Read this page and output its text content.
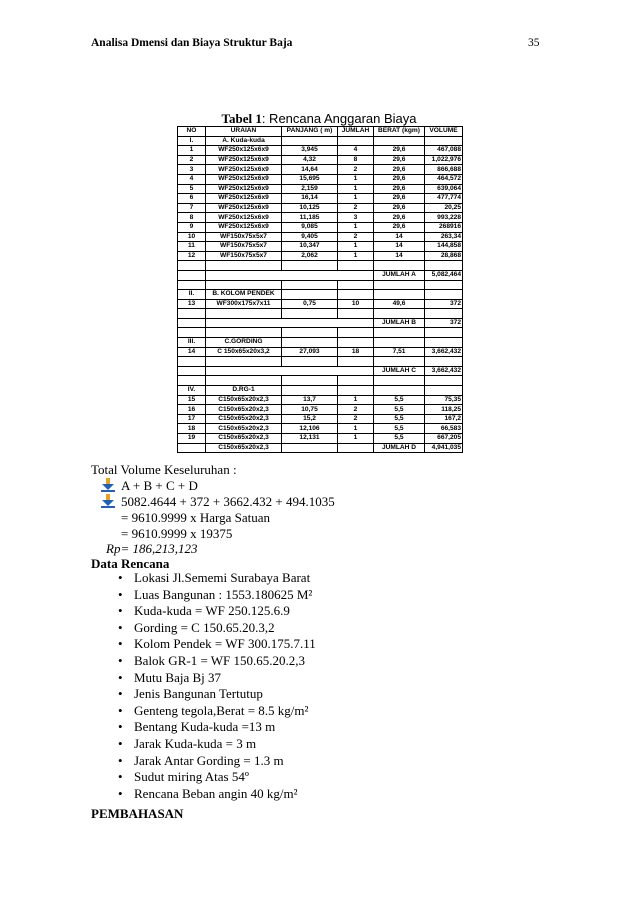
Analisa Dmensi dan Biaya Struktur Baja	35
Tabel 1: Rencana Anggaran Biaya
NO	URAIAN	PANJANG ( m)	JUMLAH	BERAT (kgm)	VOLUME
I.	A. Kuda-kuda				
1	WF250x125x6x9	3,945	4	29,6	467,088
2	WF250x125x6x9	4,32	8	29,6	1,022,976
3	WF250x125x6x9	14,64	2	29,6	866,688
4	WF250x125x6x9	15,695	1	29,6	464,572
5	WF250x125x6x9	2,159	1	29,6	639,064
6	WF250x125x6x9	16,14	1	29,6	477,774
7	WF250x125x6x9	10,125	2	29,6	20,25
8	WF250x125x6x9	11,185	3	29,6	993,228
9	WF250x125x6x9	9,085	1	29,6	268916
10	WF150x75x5x7	9,405	2	14	263,34
11	WF150x75x5x7	10,347	1	14	144,858
12	WF150x75x5x7	2,062	1	14	28,868

				JUMLAH A	5,082,464

II.	B. KOLOM PENDEK				
13	WF300x175x7x11	0,75	10	49,6	372

				JUMLAH B	372

III.	C.GORDING				
14	C 150x65x20x3,2	27,093	18	7,51	3,662,432

				JUMLAH C	3,662,432

IV.	D.RG-1				
15	C150x65x20x2,3	13,7	1	5,5	75,35
16	C150x65x20x2,3	10,75	2	5,5	118,25
17	C150x65x20x2,3	15,2	2	5,5	167,2
18	C150x65x20x2,3	12,106	1	5,5	66,583
19	C150x65x20x2,3	12,131	1	5,5	667,205
	C150x65x20x2,3			JUMLAH D	4,941,035
Total Volume Keseluruhan :
A + B + C + D
5082.4644 + 372 + 3662.432 + 494.1035
= 9610.9999 x Harga Satuan
= 9610.9999 x 19375
Rp= 186,213,123
Data Rencana
• Lokasi Jl.Sememi Surabaya Barat
• Luas Bangunan : 1553.180625 M²
• Kuda-kuda = WF 250.125.6.9
• Gording = C 150.65.20.3,2
• Kolom Pendek = WF 300.175.7.11
• Balok GR-1 = WF 150.65.20.2,3
• Mutu Baja Bj 37
• Jenis Bangunan Tertutup
• Genteng tegola,Berat = 8.5 kg/m²
• Bentang Kuda-kuda =13 m
• Jarak Kuda-kuda = 3 m
• Jarak Antar Gording = 1.3 m
• Sudut miring Atas 54º
• Rencana Beban angin 40 kg/m²
PEMBAHASAN
